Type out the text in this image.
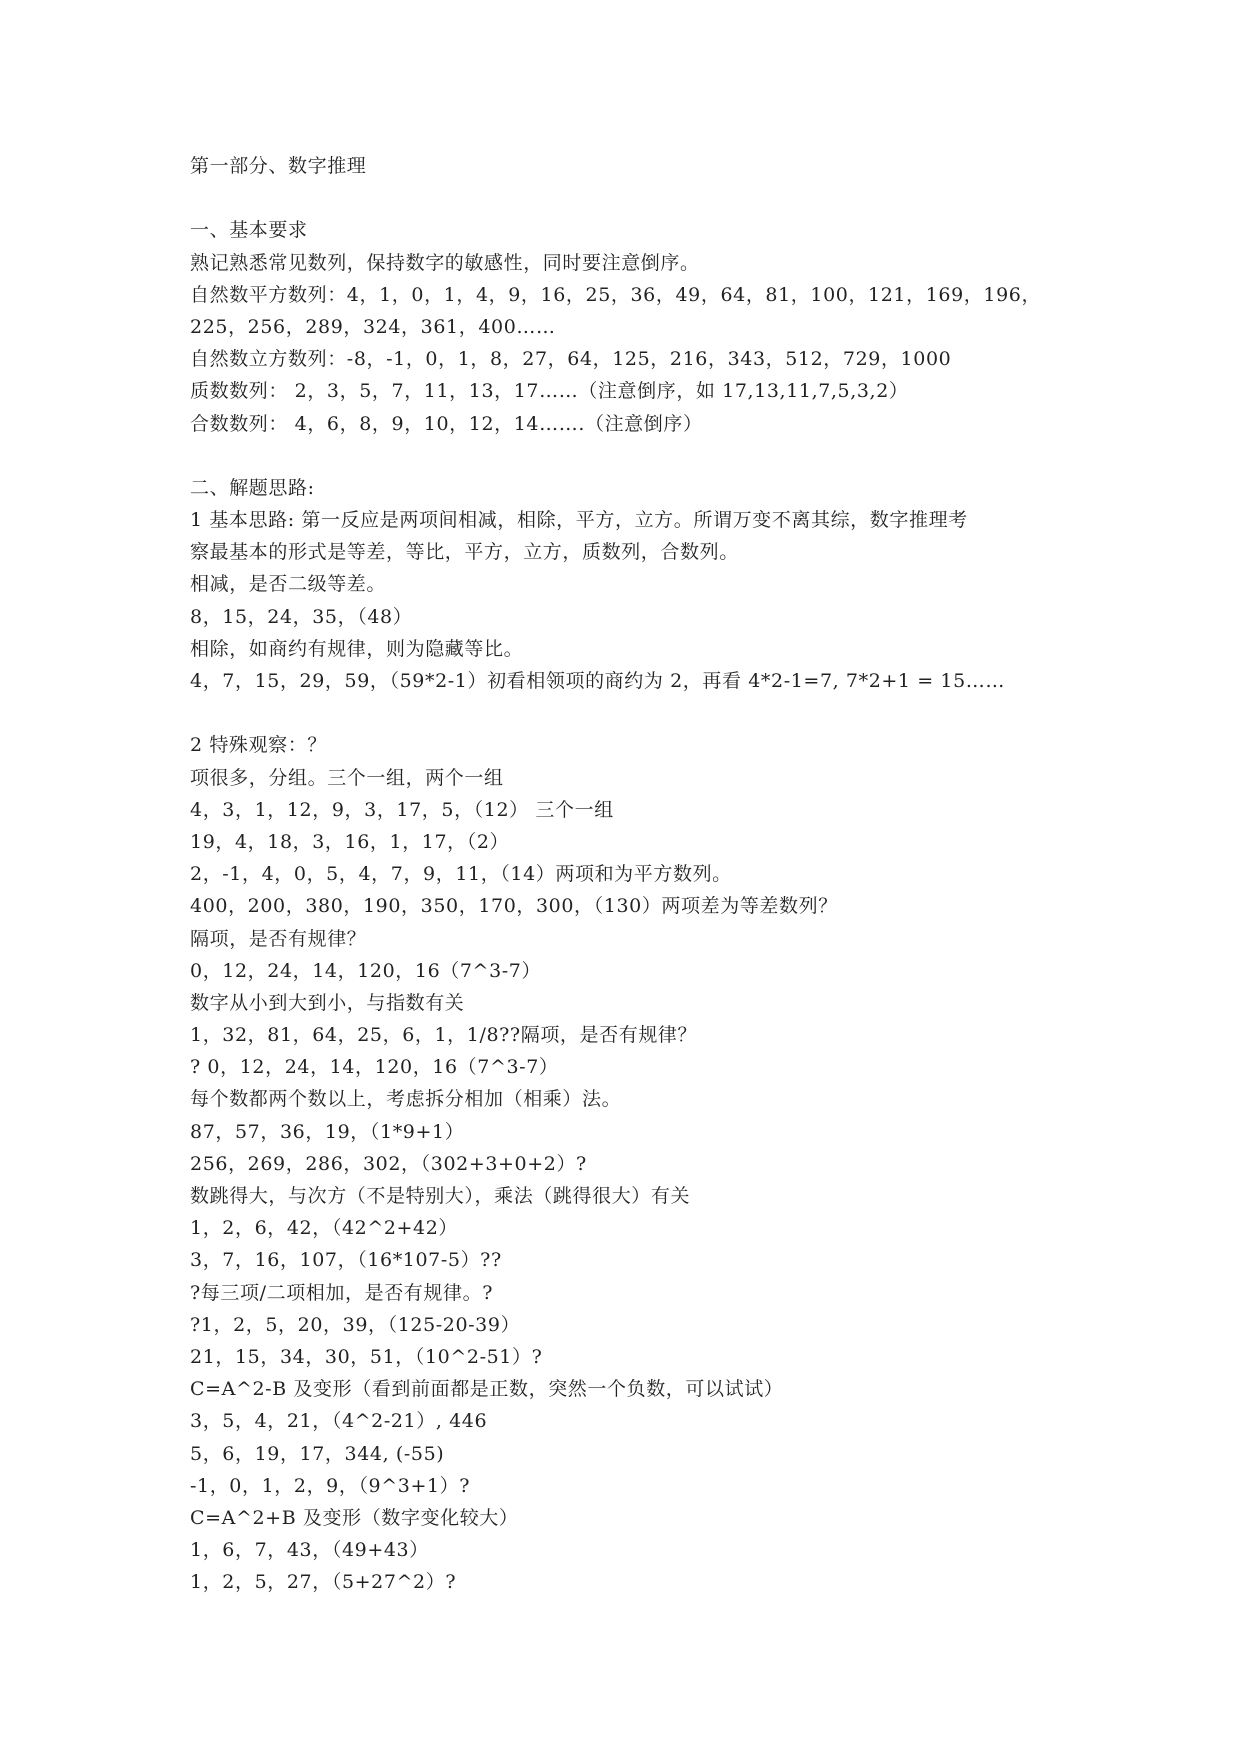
第一部分、数字推理
一、基本要求
熟记熟悉常见数列，保持数字的敏感性，同时要注意倒序。
自然数平方数列：4，1，0，1，4，9，16，25，36，49，64，81，100，121，169，196，
225，256，289，324，361，400……
自然数立方数列：-8，-1，0，1，8，27，64，125，216，343，512，729，1000
质数数列： 2，3，5，7，11，13，17……（注意倒序，如 17,13,11,7,5,3,2）
合数数列： 4，6，8，9，10，12，14…….（注意倒序）
二、解题思路:
1 基本思路: 第一反应是两项间相减，相除，平方，立方。所谓万变不离其综，数字推理考
察最基本的形式是等差，等比，平方，立方，质数列，合数列。
相减，是否二级等差。
8，15，24，35，（48）
相除，如商约有规律，则为隐藏等比。
4，7，15，29，59，（59*2-1）初看相领项的商约为 2，再看 4*2-1=7, 7*2+1 = 15……
2 特殊观察：？
项很多，分组。三个一组，两个一组
4，3，1，12，9，3，17，5，（12） 三个一组
19，4，18，3，16，1，17，（2）
2，-1，4，0，5，4，7，9，11，（14）两项和为平方数列。
400，200，380，190，350，170，300，（130）两项差为等差数列？
隔项，是否有规律？
0，12，24，14，120，16（7^3-7）
数字从小到大到小，与指数有关
1，32，81，64，25，6，1，1/8??隔项，是否有规律？
? 0，12，24，14，120，16（7^3-7）
每个数都两个数以上，考虑拆分相加（相乘）法。
87，57，36，19，（1*9+1）
256，269，286，302，（302+3+0+2）?
数跳得大，与次方（不是特别大），乘法（跳得很大）有关
1，2，6，42，（42^2+42）
3，7，16，107，（16*107-5）??
?每三项/二项相加，是否有规律。?
?1，2，5，20，39，（125-20-39）
21，15，34，30，51，（10^2-51）?
C=A^2-B 及变形（看到前面都是正数，突然一个负数，可以试试）
3，5，4，21，（4^2-21）, 446
5，6，19，17，344, (-55)
-1，0，1，2，9，（9^3+1）?
C=A^2+B 及变形（数字变化较大）
1，6，7，43，（49+43）
1，2，5，27，（5+27^2）?
